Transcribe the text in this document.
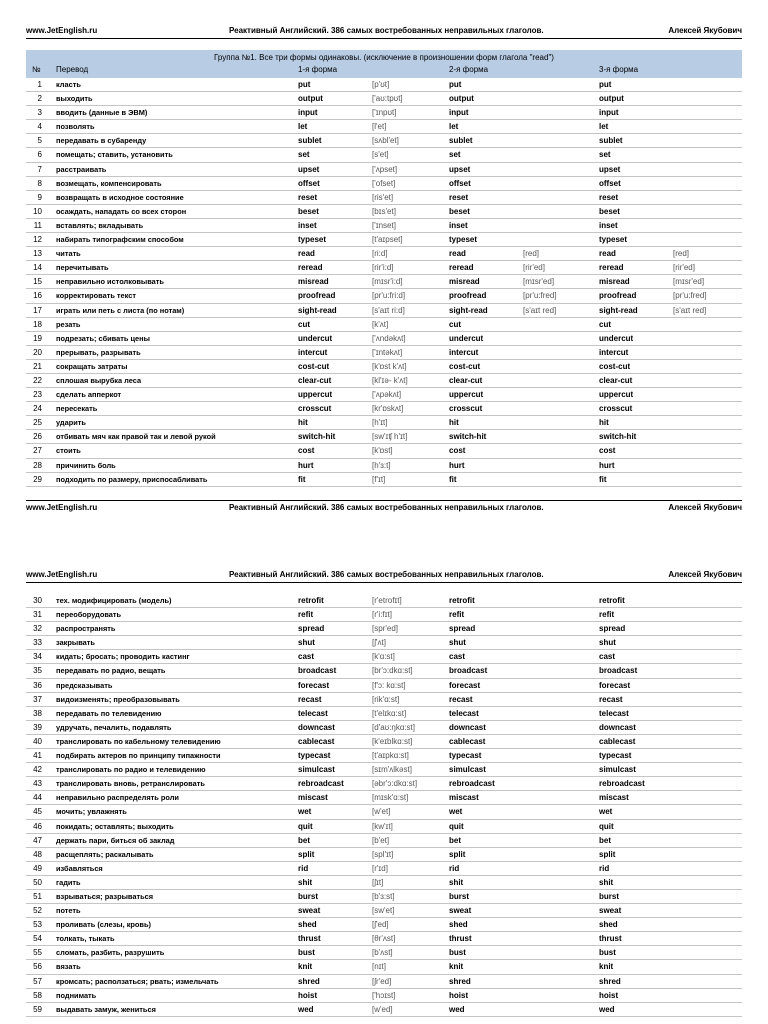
www.JetEnglish.ru	Реактивный Английский. 386 самых востребованных неправильных глаголов.	Алексей Якубович
Группа №1. Все три формы одинаковы. (исключение в произношении форм глагола "read")
№ Перевод	1-я форма	2-я форма	3-я форма
1 класть	put	[p'ʊt]	put	put
2 выходить	output	['aʊ:tpʊt]	output	output
3 вводить (данные в ЭВМ)	input	['ɪnpʊt]	input	input
4 позволять	let	[l'et]	let	let
5 передавать в субаренду	sublet	[sʌbl'et]	sublet	sublet
6 помещать; ставить, установить	set	[s'et]	set	set
7 расстраивать	upset	['ʌpset]	upset	upset
8 возмещать, компенсировать	offset	['ofset]	offset	offset
9 возвращать в исходное состояние	reset	[ris'et]	reset	reset
10 осаждать, нападать со всех сторон	beset	[bɪs'et]	beset	beset
11 вставлять; вкладывать	inset	['ɪnset]	inset	inset
12 набирать типографским способом	typeset	[t'aɪpset]	typeset	typeset
13 читать	read	[ri:d]	read	[red]	read	[red]
14 перечитывать	reread	[rir'i:d]	reread	[rir'ed]	reread	[rir'ed]
15 неправильно истолковывать	misread	[mɪsr'i:d]	misread	[mɪsr'ed]	misread	[mɪsr'ed]
16 корректировать текст	proofread	[pr'u:fri:d]	proofread	[pr'u:fred]	proofread	[pr'u:fred]
17 играть или петь с листа (по нотам)	sight-read	[s'aɪt ri:d]	sight-read	[s'aɪt red]	sight-read	[s'aɪt red]
18 резать	cut	[k'ʌt]	cut	cut
19 подрезать; сбивать цены	undercut	['ʌndəkʌt]	undercut	undercut
20 прерывать, разрывать	intercut	['ɪntəkʌt]	intercut	intercut
21 сокращать затраты	cost-cut	[k'ɒst k'ʌt]	cost-cut	cost-cut
22 сплошая вырубка леса	clear-cut	[kl'ɪə- k'ʌt]	clear-cut	clear-cut
23 сделать апперкот	uppercut	['ʌpəkʌt]	uppercut	uppercut
24 пересекать	crosscut	[kr'ɒskʌt]	crosscut	crosscut
25 ударить	hit	[h'ɪt]	hit	hit
26 отбивать мяч как правой так и левой рукой	switch-hit	[sw'ɪʧ h'ɪt]	switch-hit	switch-hit
27 стоить	cost	[k'ɒst]	cost	cost
28 причинить боль	hurt	[h'ɜ:t]	hurt	hurt
29 подходить по размеру, приспосабливать	fit	[f'ɪt]	fit	fit
www.JetEnglish.ru	Реактивный Английский. 386 самых востребованных неправильных глаголов.	Алексей Якубович
www.JetEnglish.ru	Реактивный Английский. 386 самых востребованных неправильных глаголов.	Алексей Якубович
30 тех. модифицировать (модель)	retrofit	[r'etrofɪt]	retrofit	retrofit
31 переоборудовать	refit	[r'i:fɪt]	refit	refit
32 распространять	spread	[spr'ed]	spread	spread
33 закрывать	shut	[ʃ'ʌt]	shut	shut
34 кидать; бросать; проводить кастинг	cast	[k'ɑ:st]	cast	cast
35 передавать по радио, вещать	broadcast	[br'ɔ:dkɑ:st]	broadcast	broadcast
36 предсказывать	forecast	[f'ɔ: kɑ:st]	forecast	forecast
37 видоизменять; преобразовывать	recast	[rik'ɑ:st]	recast	recast
38 передавать по телевидению	telecast	[t'elɪkɑ:st]	telecast	telecast
39 удручать, печалить, подавлять	downcast	[d'aʊ:ŋkɑ:st]	downcast	downcast
40 транслировать по кабельному телевидению	cablecast	[k'eɪblkɑ:st]	cablecast	cablecast
41 подбирать актеров по принципу типажности	typecast	[t'aɪpkɑ:st]	typecast	typecast
42 транслировать по радио и телевидению	simulcast	[sɪm'ʌlkəst]	simulcast	simulcast
43 транслировать вновь, ретранслировать	rebroadcast	[əbr'ɔ:dkɑ:st]	rebroadcast	rebroadcast
44 неправильно распределять роли	miscast	[mɪsk'ɑ:st]	miscast	miscast
45 мочить; увлажнять	wet	[w'et]	wet	wet
46 покидать; оставлять; выходить	quit	[kw'ɪt]	quit	quit
47 держать пари, биться об заклад	bet	[b'et]	bet	bet
48 расщеплять; раскалывать	split	[spl'ɪt]	split	split
49 избавляться	rid	[r'ɪd]	rid	rid
50 гадить	shit	[ʃɪt]	shit	shit
51 взрываться; разрываться	burst	[b'ɜ:st]	burst	burst
52 потеть	sweat	[sw'et]	sweat	sweat
53 проливать (слезы, кровь)	shed	[ʃ'ed]	shed	shed
54 толкать, тыкать	thrust	[θr'ʌst]	thrust	thrust
55 сломать, разбить, разрушить	bust	[b'ʌst]	bust	bust
56 вязать	knit	[nɪt]	knit	knit
57 кромсать; расползаться; рвать; измельчать	shred	[ʃr'ed]	shred	shred
58 поднимать	hoist	['hɔɪst]	hoist	hoist
59 выдавать замуж, жениться	wed	[w'ed]	wed	wed
